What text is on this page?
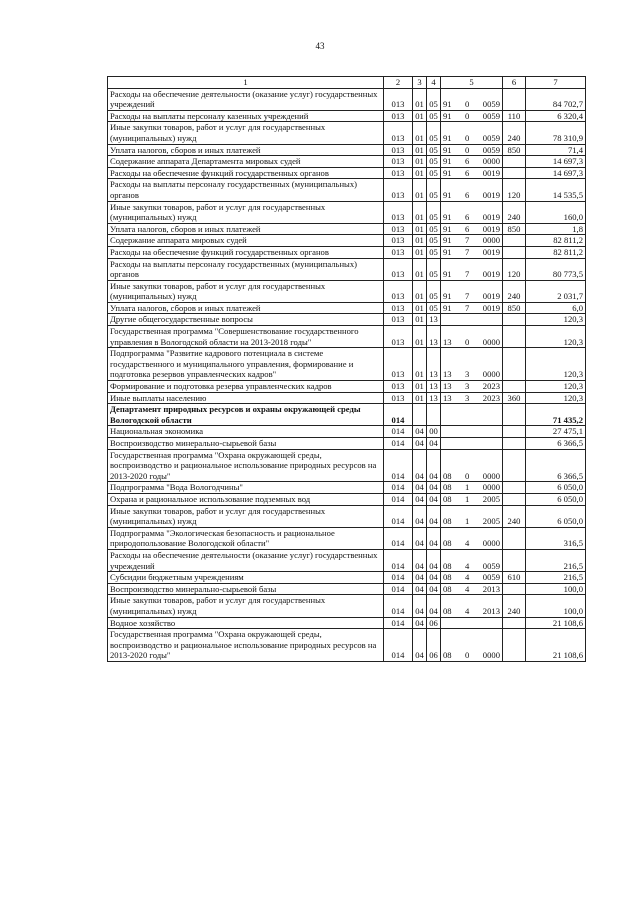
43
1	2	3	4	5	6	7
Расходы на обеспечение деятельности (оказание услуг) государственных учреждений	013	01	05	91 0 0059		84 702,7
Расходы на выплаты персоналу казенных учреждений	013	01	05	91 0 0059	110	6 320,4
Иные закупки товаров, работ и услуг для государственных (муниципальных) нужд	013	01	05	91 0 0059	240	78 310,9
Уплата налогов, сборов и иных платежей	013	01	05	91 0 0059	850	71,4
Содержание аппарата Департамента мировых судей	013	01	05	91 6 0000		14 697,3
Расходы на обеспечение функций государственных органов	013	01	05	91 6 0019		14 697,3
Расходы на выплаты персоналу государственных (муниципальных) органов	013	01	05	91 6 0019	120	14 535,5
Иные закупки товаров, работ и услуг для государственных (муниципальных) нужд	013	01	05	91 6 0019	240	160,0
Уплата налогов, сборов и иных платежей	013	01	05	91 6 0019	850	1,8
Содержание аппарата мировых судей	013	01	05	91 7 0000		82 811,2
Расходы на обеспечение функций государственных органов	013	01	05	91 7 0019		82 811,2
Расходы на выплаты персоналу государственных (муниципальных) органов	013	01	05	91 7 0019	120	80 773,5
Иные закупки товаров, работ и услуг для государственных (муниципальных) нужд	013	01	05	91 7 0019	240	2 031,7
Уплата налогов, сборов и иных платежей	013	01	05	91 7 0019	850	6,0
Другие общегосударственные вопросы	013	01	13			120,3
Государственная программа "Совершенствование государственного управления в Вологодской области на 2013-2018 годы"	013	01	13	13 0 0000		120,3
Подпрограмма "Развитие кадрового потенциала в системе государственного и муниципального управления, формирование и подготовка резервов управленческих кадров"	013	01	13	13 3 0000		120,3
Формирование и подготовка резерва управленческих кадров	013	01	13	13 3 2023		120,3
Иные выплаты населению	013	01	13	13 3 2023	360	120,3
Департамент природных ресурсов и охраны окружающей среды Вологодской области	014					71 435,2
Национальная экономика	014	04	00			27 475,1
Воспроизводство минерально-сырьевой базы	014	04	04			6 366,5
Государственная программа "Охрана окружающей среды, воспроизводство и рациональное использование природных ресурсов на 2013-2020 годы"	014	04	04	08 0 0000		6 366,5
Подпрограмма "Вода Вологодчины"	014	04	04	08 1 0000		6 050,0
Охрана и рациональное использование подземных вод	014	04	04	08 1 2005		6 050,0
Иные закупки товаров, работ и услуг для государственных (муниципальных) нужд	014	04	04	08 1 2005	240	6 050,0
Подпрограмма "Экологическая безопасность и рациональное природопользование Вологодской области"	014	04	04	08 4 0000		316,5
Расходы на обеспечение деятельности (оказание услуг) государственных учреждений	014	04	04	08 4 0059		216,5
Субсидии бюджетным учреждениям	014	04	04	08 4 0059	610	216,5
Воспроизводство минерально-сырьевой базы	014	04	04	08 4 2013		100,0
Иные закупки товаров, работ и услуг для государственных (муниципальных) нужд	014	04	04	08 4 2013	240	100,0
Водное хозяйство	014	04	06			21 108,6
Государственная программа "Охрана окружающей среды, воспроизводство и рациональное использование природных ресурсов на 2013-2020 годы"	014	04	06	08 0 0000		21 108,6
